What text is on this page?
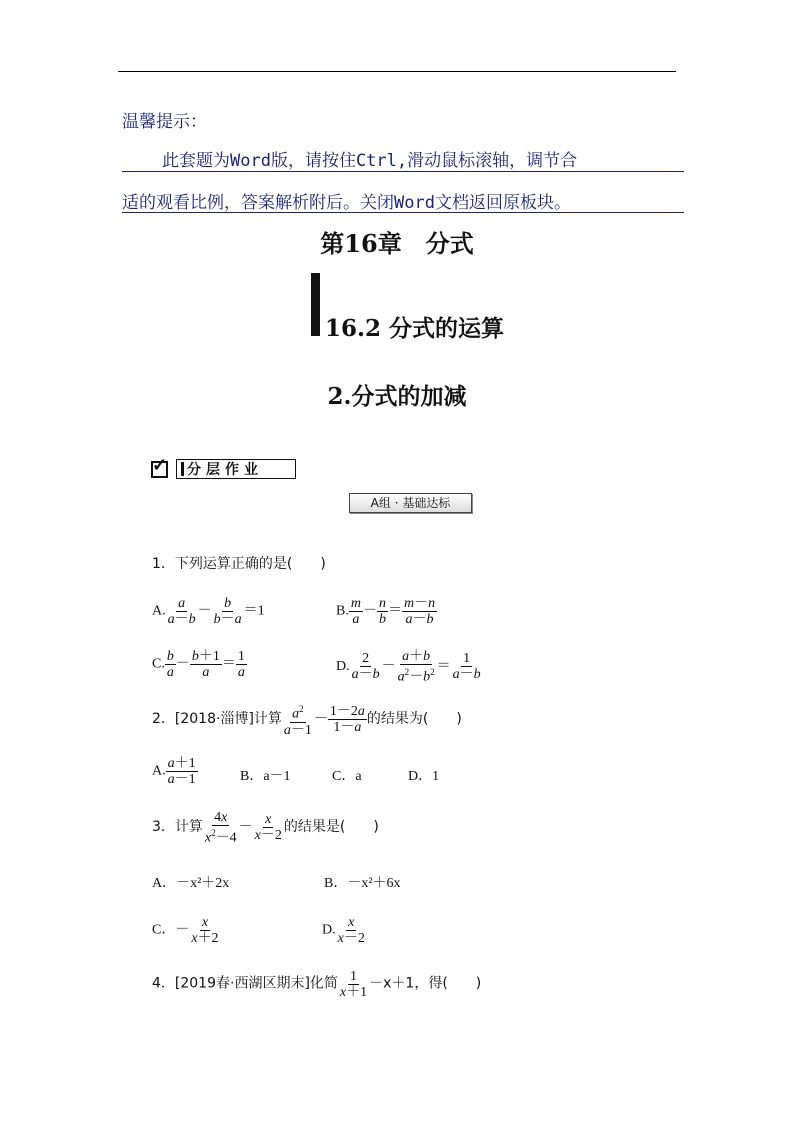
温馨提示：
此套题为Word版，请按住Ctrl,滑动鼠标滚轴，调节合
适的观看比例，答案解析附后。关闭Word文档返回原板块。
第16章　分式
16.2 分式的运算
2.分式的加减
✓	分层作业
A组 · 基础达标
1．下列运算正确的是(　　)
A. $\frac{a}{a-b} - \frac{b}{b-a} =1$	B. $\frac{m}{a} - \frac{n}{b} = \frac{m-n}{a-b}$
C. $\frac{b}{a} - \frac{b+1}{a} = \frac{1}{a}$	D. $\frac{2}{a-b} - \frac{a+b}{a^2-b^2} = \frac{1}{a-b}$
2．[2018·淄博]计算 $\frac{a^2}{a-1} - \frac{1-2a}{1-a}$ 的结果为(　　)
A. $\frac{a+1}{a-1}$	B．a－1	C．a	D．1
3．计算 $\frac{4x}{x^2-4} - \frac{x}{x-2}$ 的结果是(　　)
A．－x²＋2x	B．－x²＋6x
C．－ $\frac{x}{x+2}$	D. $\frac{x}{x-2}$
4．[2019春·西湖区期末]化简 $\frac{1}{x+1} -x+1$，得(　　)
